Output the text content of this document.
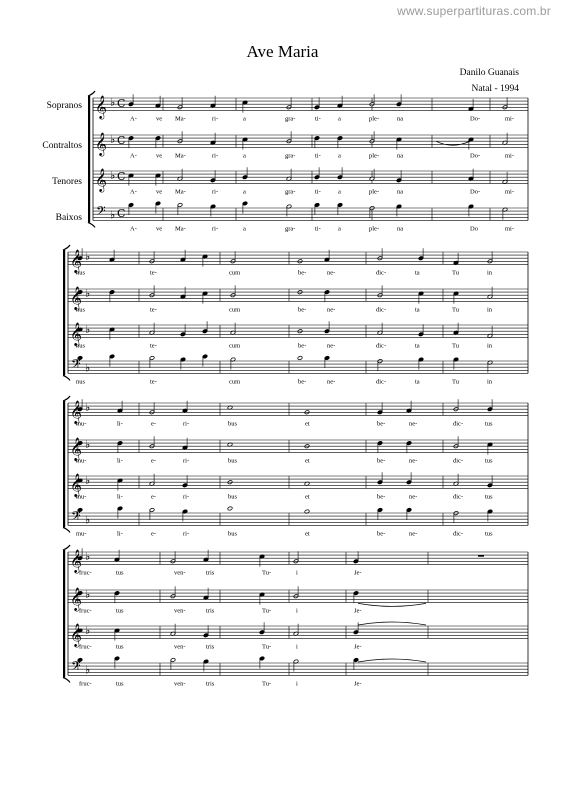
www.superpartituras.com.br
Ave Maria
Danilo Guanais
Natal - 1994
Sopranos
Contraltos
Tenores
Baixos
C
A-	ve Ma-	ri-	a	gra-	ti-	a	ple-	na	Do-	mi-
C
A-	ve Ma-	ri-	a	gra-	ti-	a	ple-	na	Do-	mi-
C
A-	ve Ma-	ri-	a	gra-	ti-	a	ple-	na	Do-	mi-
C
A-	ve Ma-	ri-	a	gra-	ti-	a	ple-	na	Do	mi-
𝄞 ♭
𝄞 ♭
𝄞 ♭
𝄢 ♭
nus	te-	cum	be-	ne-	dic-	ta	Tu	in
nus	te-	cum	be-	ne-	dic-	ta	Tu	in
nus	te-	cum	be-	ne-	dic-	ta	Tu	in
nus	te-	cum	be-	ne-	dic-	ta	Tu	in
𝄞 ♭
𝄞 ♭
𝄞 ♭
𝄢 ♭
mu-	li-	e-	ri-	bus	et	be-	ne-	dic-	tus
mu-	li-	e-	ri-	bus	et	be-	ne-	dic-	tus
mu-	li-	e-	ri-	bus	et	be-	ne-	dic-	tus
mu-	li-	e-	ri-	bus	et	be-	ne-	dic-	tus
𝄞 ♭
𝄞 ♭
𝄞 ♭
𝄢 ♭
fruc-	tus	ven-	tris	Tu-	i	Je-
fruc-	tus	ven-	tris	Tu-	i	Je-
fruc-	tus	ven-	tris	Tu-	i	Je-
fruc-	tus	ven-	tris	Tu-	i	Je-
𝄞 ♭
𝄞 ♭
𝄞 ♭
𝄢 ♭
